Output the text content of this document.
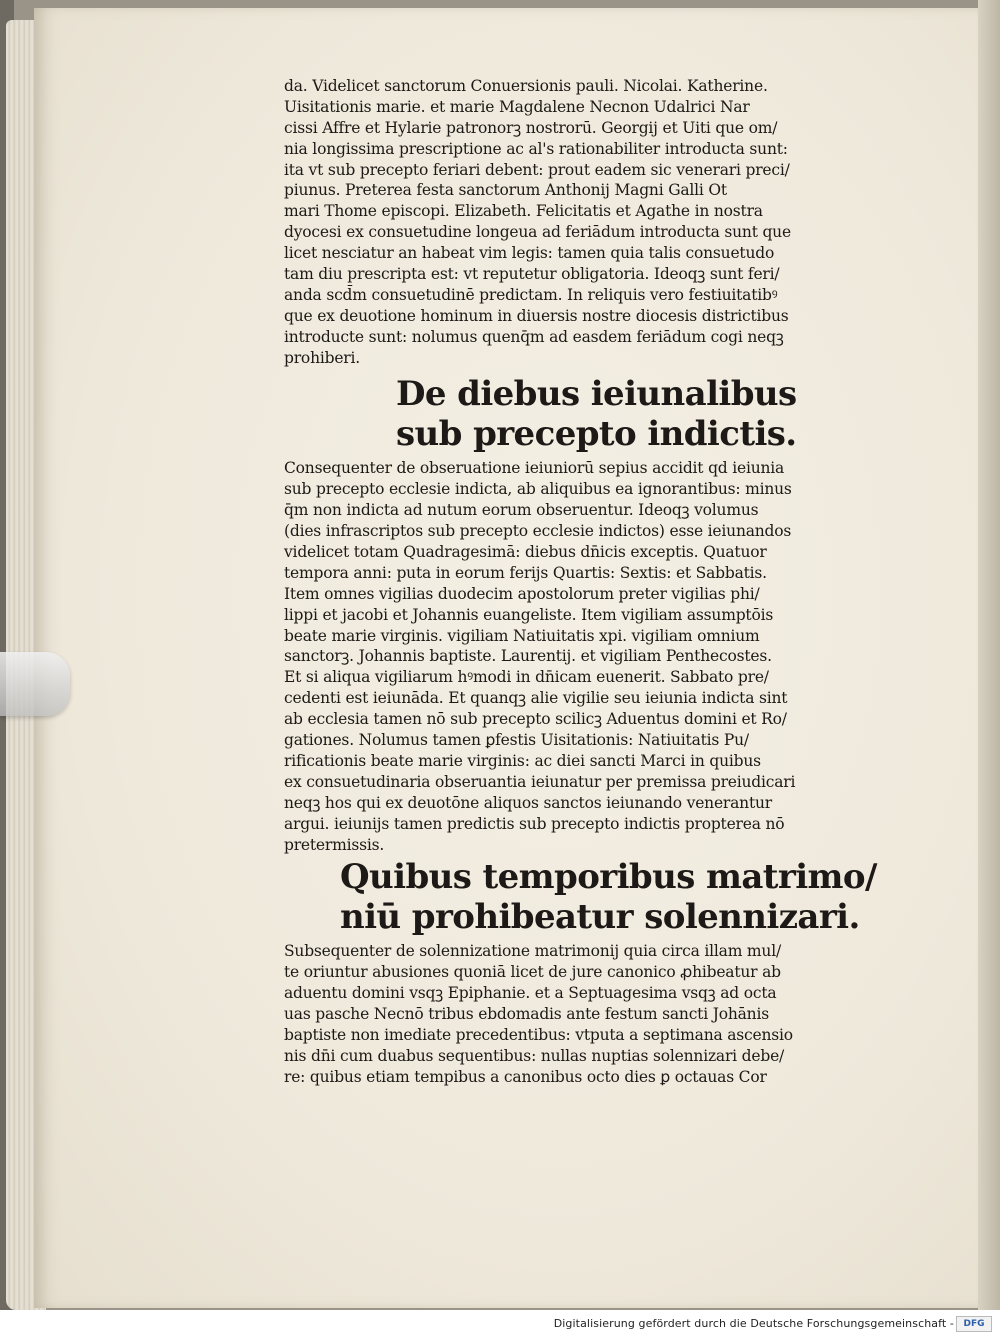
da. Videlicet sanctorum Conuersionis pauli. Nicolai. Katherine.
Uisitationis marie. et marie Magdalene Necnon Udalrici Nar
cissi Affre et Hylarie patronorꝫ nostrorū. Georgij et Uiti que om/
nia longissima prescriptione ac al's rationabiliter introducta sunt:
ita vt sub precepto feriari debent: prout eadem sic venerari preci/
piunus. Preterea festa sanctorum Anthonij Magni Galli Ot
mari Thome episcopi. Elizabeth. Felicitatis et Agathe in nostra
dyocesi ex consuetudine longeua ad feriādum introducta sunt que
licet nesciatur an habeat vim legis: tamen quia talis consuetudo
tam diu prescripta est: vt reputetur obligatoria. Ideoqꝫ sunt feri/
anda scd̄m consuetudinē predictam. In reliquis vero festiuitatibꝰ
que ex deuotione hominum in diuersis nostre diocesis districtibus
introducte sunt: nolumus quenq̄m ad easdem feriādum cogi neqꝫ
prohiberi.
De diebus ieiunalibus
sub precepto indictis.
Consequenter de obseruatione ieiuniorū sepius accidit qd ieiunia
sub precepto ecclesie indicta, ab aliquibus ea ignorantibus: minus
q̄m non indicta ad nutum eorum obseruentur. Ideoqꝫ volumus
(dies infrascriptos sub precepto ecclesie indictos) esse ieiunandos
videlicet totam Quadragesimā: diebus dn̄icis exceptis. Quatuor
tempora anni: puta in eorum ferijs Quartis: Sextis: et Sabbatis.
Item omnes vigilias duodecim apostolorum preter vigilias phi/
lippi et jacobi et Johannis euangeliste. Item vigiliam assumptōis
beate marie virginis. vigiliam Natiuitatis xpi. vigiliam omnium
sanctorꝫ. Johannis baptiste. Laurentij. et vigiliam Penthecostes.
Et si aliqua vigiliarum hꝰmodi in dn̄icam euenerit. Sabbato pre/
cedenti est ieiunāda. Et quanqꝫ alie vigilie seu ieiunia indicta sint
ab ecclesia tamen nō sub precepto scilicꝫ Aduentus domini et Ro/
gationes. Nolumus tamen ꝑfestis Uisitationis: Natiuitatis Pu/
rificationis beate marie virginis: ac diei sancti Marci in quibus
ex consuetudinaria obseruantia ieiunatur per premissa preiudicari
neqꝫ hos qui ex deuotōne aliquos sanctos ieiunando venerantur
argui. ieiunijs tamen predictis sub precepto indictis propterea nō
pretermissis.
Quibus temporibus matrimo/
niū prohibeatur solennizari.
Subsequenter de solennizatione matrimonij quia circa illam mul/
te oriuntur abusiones quoniā licet de jure canonico ꝓhibeatur ab
aduentu domini vsqꝫ Epiphanie. et a Septuagesima vsqꝫ ad octa
uas pasche Necnō tribus ebdomadis ante festum sancti Johānis
baptiste non imediate precedentibus: vtputa a septimana ascensio
nis dn̄i cum duabus sequentibus: nullas nuptias solennizari debe/
re: quibus etiam tempibus a canonibus octo dies ꝑ octauas Cor
Digitalisierung gefördert durch die Deutsche Forschungsgemeinschaft -	DFG
